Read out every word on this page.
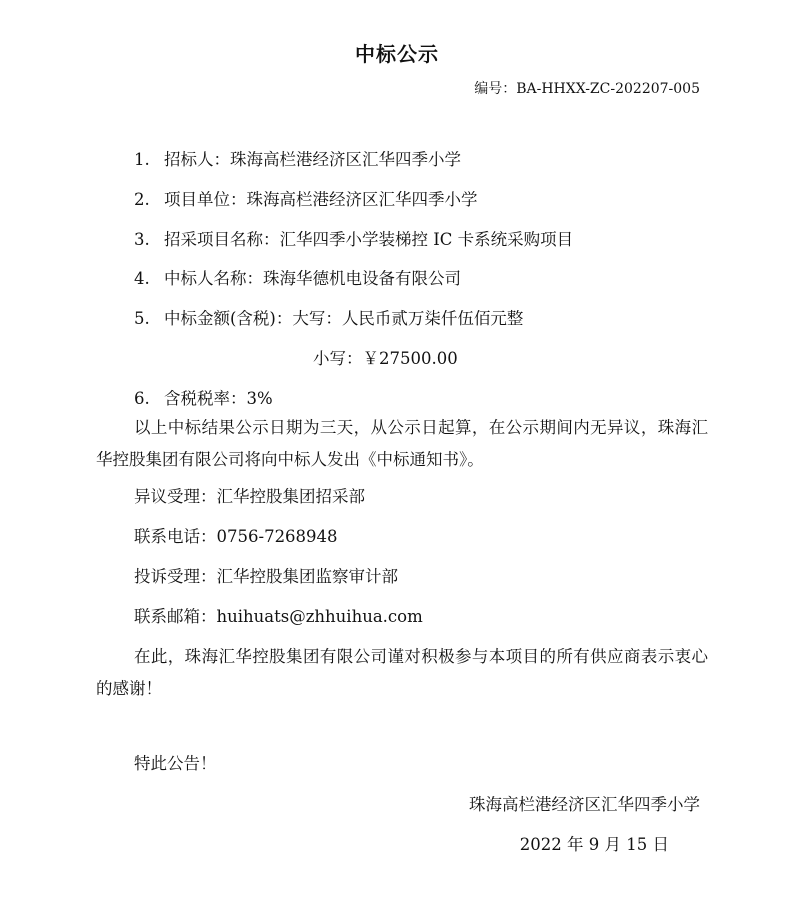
中标公示
编号：BA-HHXX-ZC-202207-005
1. 招标人：珠海高栏港经济区汇华四季小学
2. 项目单位：珠海高栏港经济区汇华四季小学
3. 招采项目名称：汇华四季小学装梯控 IC 卡系统采购项目
4. 中标人名称：珠海华德机电设备有限公司
5. 中标金额(含税)：大写：人民币贰万柒仟伍佰元整
小写：￥27500.00
6. 含税税率：3%
以上中标结果公示日期为三天，从公示日起算，在公示期间内无异议，珠海汇华控股集团有限公司将向中标人发出《中标通知书》。
异议受理：汇华控股集团招采部
联系电话：0756-7268948
投诉受理：汇华控股集团监察审计部
联系邮箱：huihuats@zhhuihua.com
在此，珠海汇华控股集团有限公司谨对积极参与本项目的所有供应商表示衷心的感谢！
特此公告！
珠海高栏港经济区汇华四季小学
2022 年 9 月 15 日
